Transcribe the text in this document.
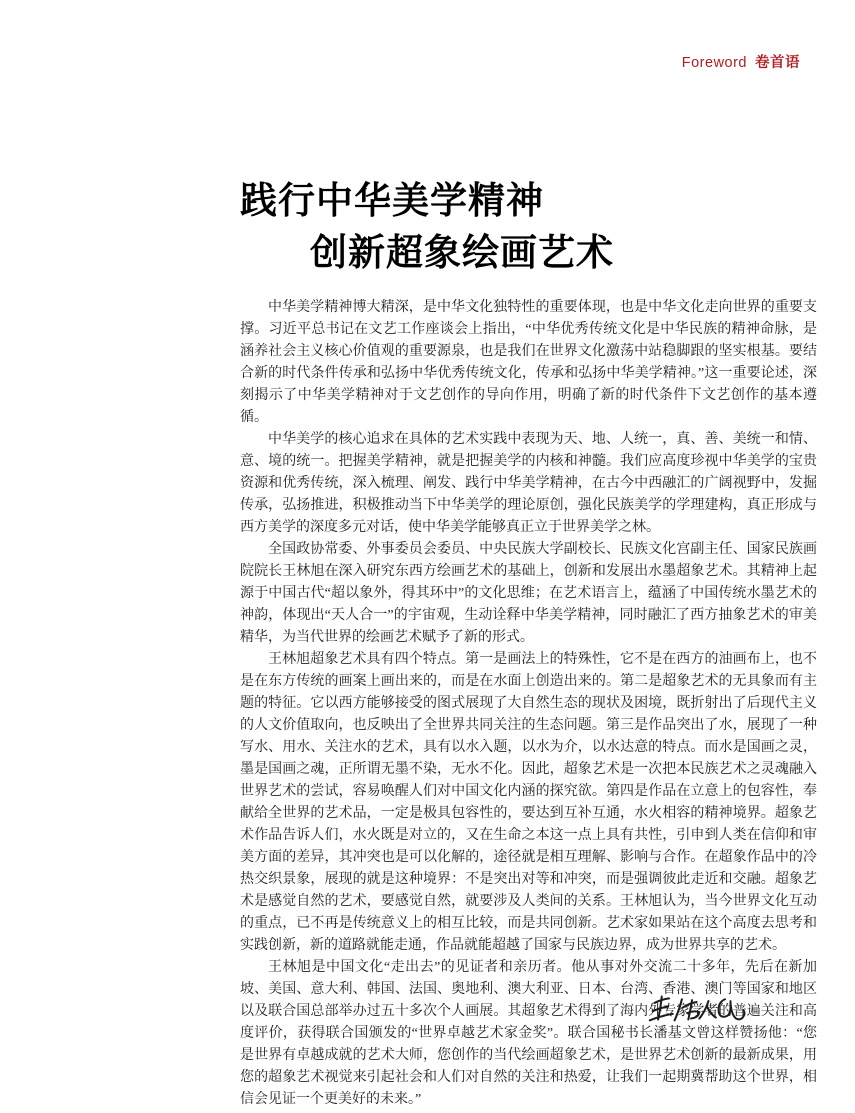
Foreword 卷首语
践行中华美学精神
创新超象绘画艺术

中华美学精神博大精深，是中华文化独特性的重要体现，也是中华文化走向世界的重要支撑。习近平总书记在文艺工作座谈会上指出，“中华优秀传统文化是中华民族的精神命脉，是涵养社会主义核心价值观的重要源泉，也是我们在世界文化激荡中站稳脚跟的坚实根基。要结合新的时代条件传承和弘扬中华优秀传统文化，传承和弘扬中华美学精神。”这一重要论述，深刻揭示了中华美学精神对于文艺创作的导向作用，明确了新的时代条件下文艺创作的基本遵循。

中华美学的核心追求在具体的艺术实践中表现为天、地、人统一，真、善、美统一和情、意、境的统一。把握美学精神，就是把握美学的内核和神髓。我们应高度珍视中华美学的宝贵资源和优秀传统，深入梳理、阐发、践行中华美学精神，在古今中西融汇的广阔视野中，发掘传承，弘扬推进，积极推动当下中华美学的理论原创，强化民族美学的学理建构，真正形成与西方美学的深度多元对话，使中华美学能够真正立于世界美学之林。

全国政协常委、外事委员会委员、中央民族大学副校长、民族文化宫副主任、国家民族画院院长王林旭在深入研究东西方绘画艺术的基础上，创新和发展出水墨超象艺术。其精神上起源于中国古代“超以象外，得其环中”的文化思维；在艺术语言上，蕴涵了中国传统水墨艺术的神韵，体现出“天人合一”的宇宙观，生动诠释中华美学精神，同时融汇了西方抽象艺术的审美精华，为当代世界的绘画艺术赋予了新的形式。

王林旭超象艺术具有四个特点。第一是画法上的特殊性，它不是在西方的油画布上，也不是在东方传统的画案上画出来的，而是在水面上创造出来的。第二是超象艺术的无具象而有主题的特征。它以西方能够接受的图式展现了大自然生态的现状及困境，既折射出了后现代主义的人文价值取向，也反映出了全世界共同关注的生态问题。第三是作品突出了水，展现了一种写水、用水、关注水的艺术，具有以水入题，以水为介，以水达意的特点。而水是国画之灵，墨是国画之魂，正所谓无墨不染，无水不化。因此，超象艺术是一次把本民族艺术之灵魂融入世界艺术的尝试，容易唤醒人们对中国文化内涵的探究欲。第四是作品在立意上的包容性，奉献给全世界的艺术品，一定是极具包容性的，要达到互补互通，水火相容的精神境界。超象艺术作品告诉人们，水火既是对立的，又在生命之本这一点上具有共性，引申到人类在信仰和审美方面的差异，其冲突也是可以化解的，途径就是相互理解、影响与合作。在超象作品中的冷热交织景象，展现的就是这种境界：不是突出对等和冲突，而是强调彼此走近和交融。超象艺术是感觉自然的艺术，要感觉自然，就要涉及人类间的关系。王林旭认为，当今世界文化互动的重点，已不再是传统意义上的相互比较，而是共同创新。艺术家如果站在这个高度去思考和实践创新，新的道路就能走通，作品就能超越了国家与民族边界，成为世界共享的艺术。

王林旭是中国文化“走出去”的见证者和亲历者。他从事对外交流二十多年，先后在新加坡、美国、意大利、韩国、法国、奥地利、澳大利亚、日本、台湾、香港、澳门等国家和地区以及联合国总部举办过五十多次个人画展。其超象艺术得到了海内外专家学者的普遍关注和高度评价，获得联合国颁发的“世界卓越艺术家金奖”。联合国秘书长潘基文曾这样赞扬他：“您是世界有卓越成就的艺术大师，您创作的当代绘画超象艺术，是世界艺术创新的最新成果，用您的超象艺术视觉来引起社会和人们对自然的关注和热爱，让我们一起期冀帮助这个世界，相信会见证一个更美好的未来。”
